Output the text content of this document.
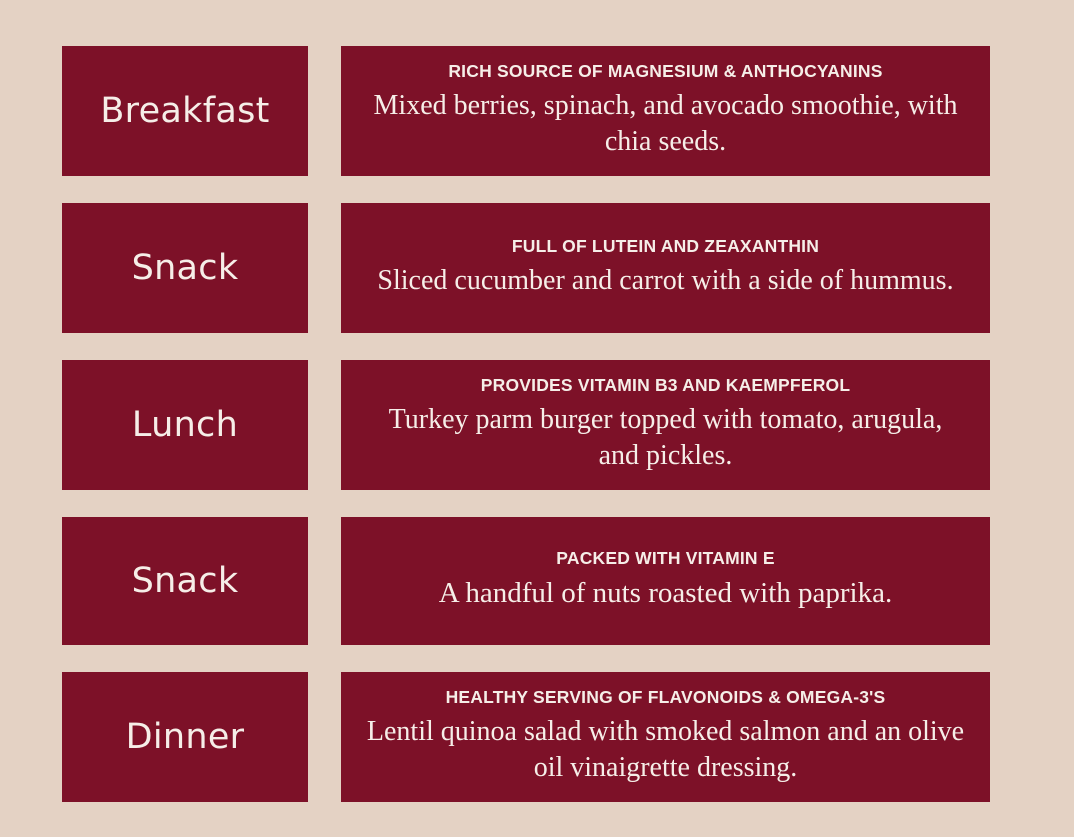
Breakfast
RICH SOURCE OF MAGNESIUM & ANTHOCYANINS
Mixed berries, spinach, and avocado smoothie, with chia seeds.
Snack
FULL OF LUTEIN AND ZEAXANTHIN
Sliced cucumber and carrot with a side of hummus.
Lunch
PROVIDES VITAMIN B3 AND KAEMPFEROL
Turkey parm burger topped with tomato, arugula, and pickles.
Snack
PACKED WITH VITAMIN E
A handful of nuts roasted with paprika.
Dinner
HEALTHY SERVING OF FLAVONOIDS & OMEGA-3'S
Lentil quinoa salad with smoked salmon and an olive oil vinaigrette dressing.
